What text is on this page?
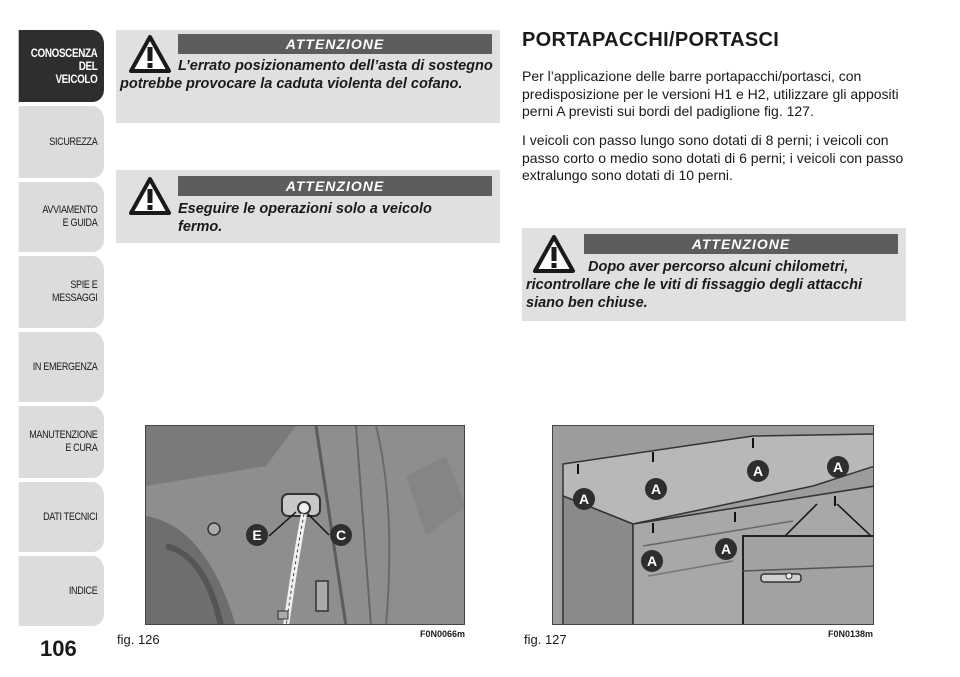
CONOSCENZA
DEL
VEICOLO
SICUREZZA
AVVIAMENTO
E GUIDA
SPIE E
MESSAGGI
IN EMERGENZA
MANUTENZIONE
E CURA
DATI TECNICI
INDICE
106
ATTENZIONE
L’errato posizionamento dell’asta di sostegno potrebbe provocare la caduta violenta del cofano.
ATTENZIONE
Eseguire le operazioni solo a veicolo fermo.
PORTAPACCHI/PORTASCI
Per l’applicazione delle barre portapacchi/portasci, con predisposizione per le versioni H1 e H2, utilizzare gli appositi perni A previsti sui bordi del padiglione fig. 127.
I veicoli con passo lungo sono dotati di 8 perni; i veicoli con passo corto o medio sono dotati di 6 perni; i veicoli con passo extralungo sono dotati di 10 perni.
ATTENZIONE
Dopo aver percorso alcuni chilometri, ricontrollare che le viti di fissaggio degli attacchi siano ben chiuse.
E	C
fig. 126	F0N0066m
A
A
A	A
A
A
fig. 127	F0N0138m
